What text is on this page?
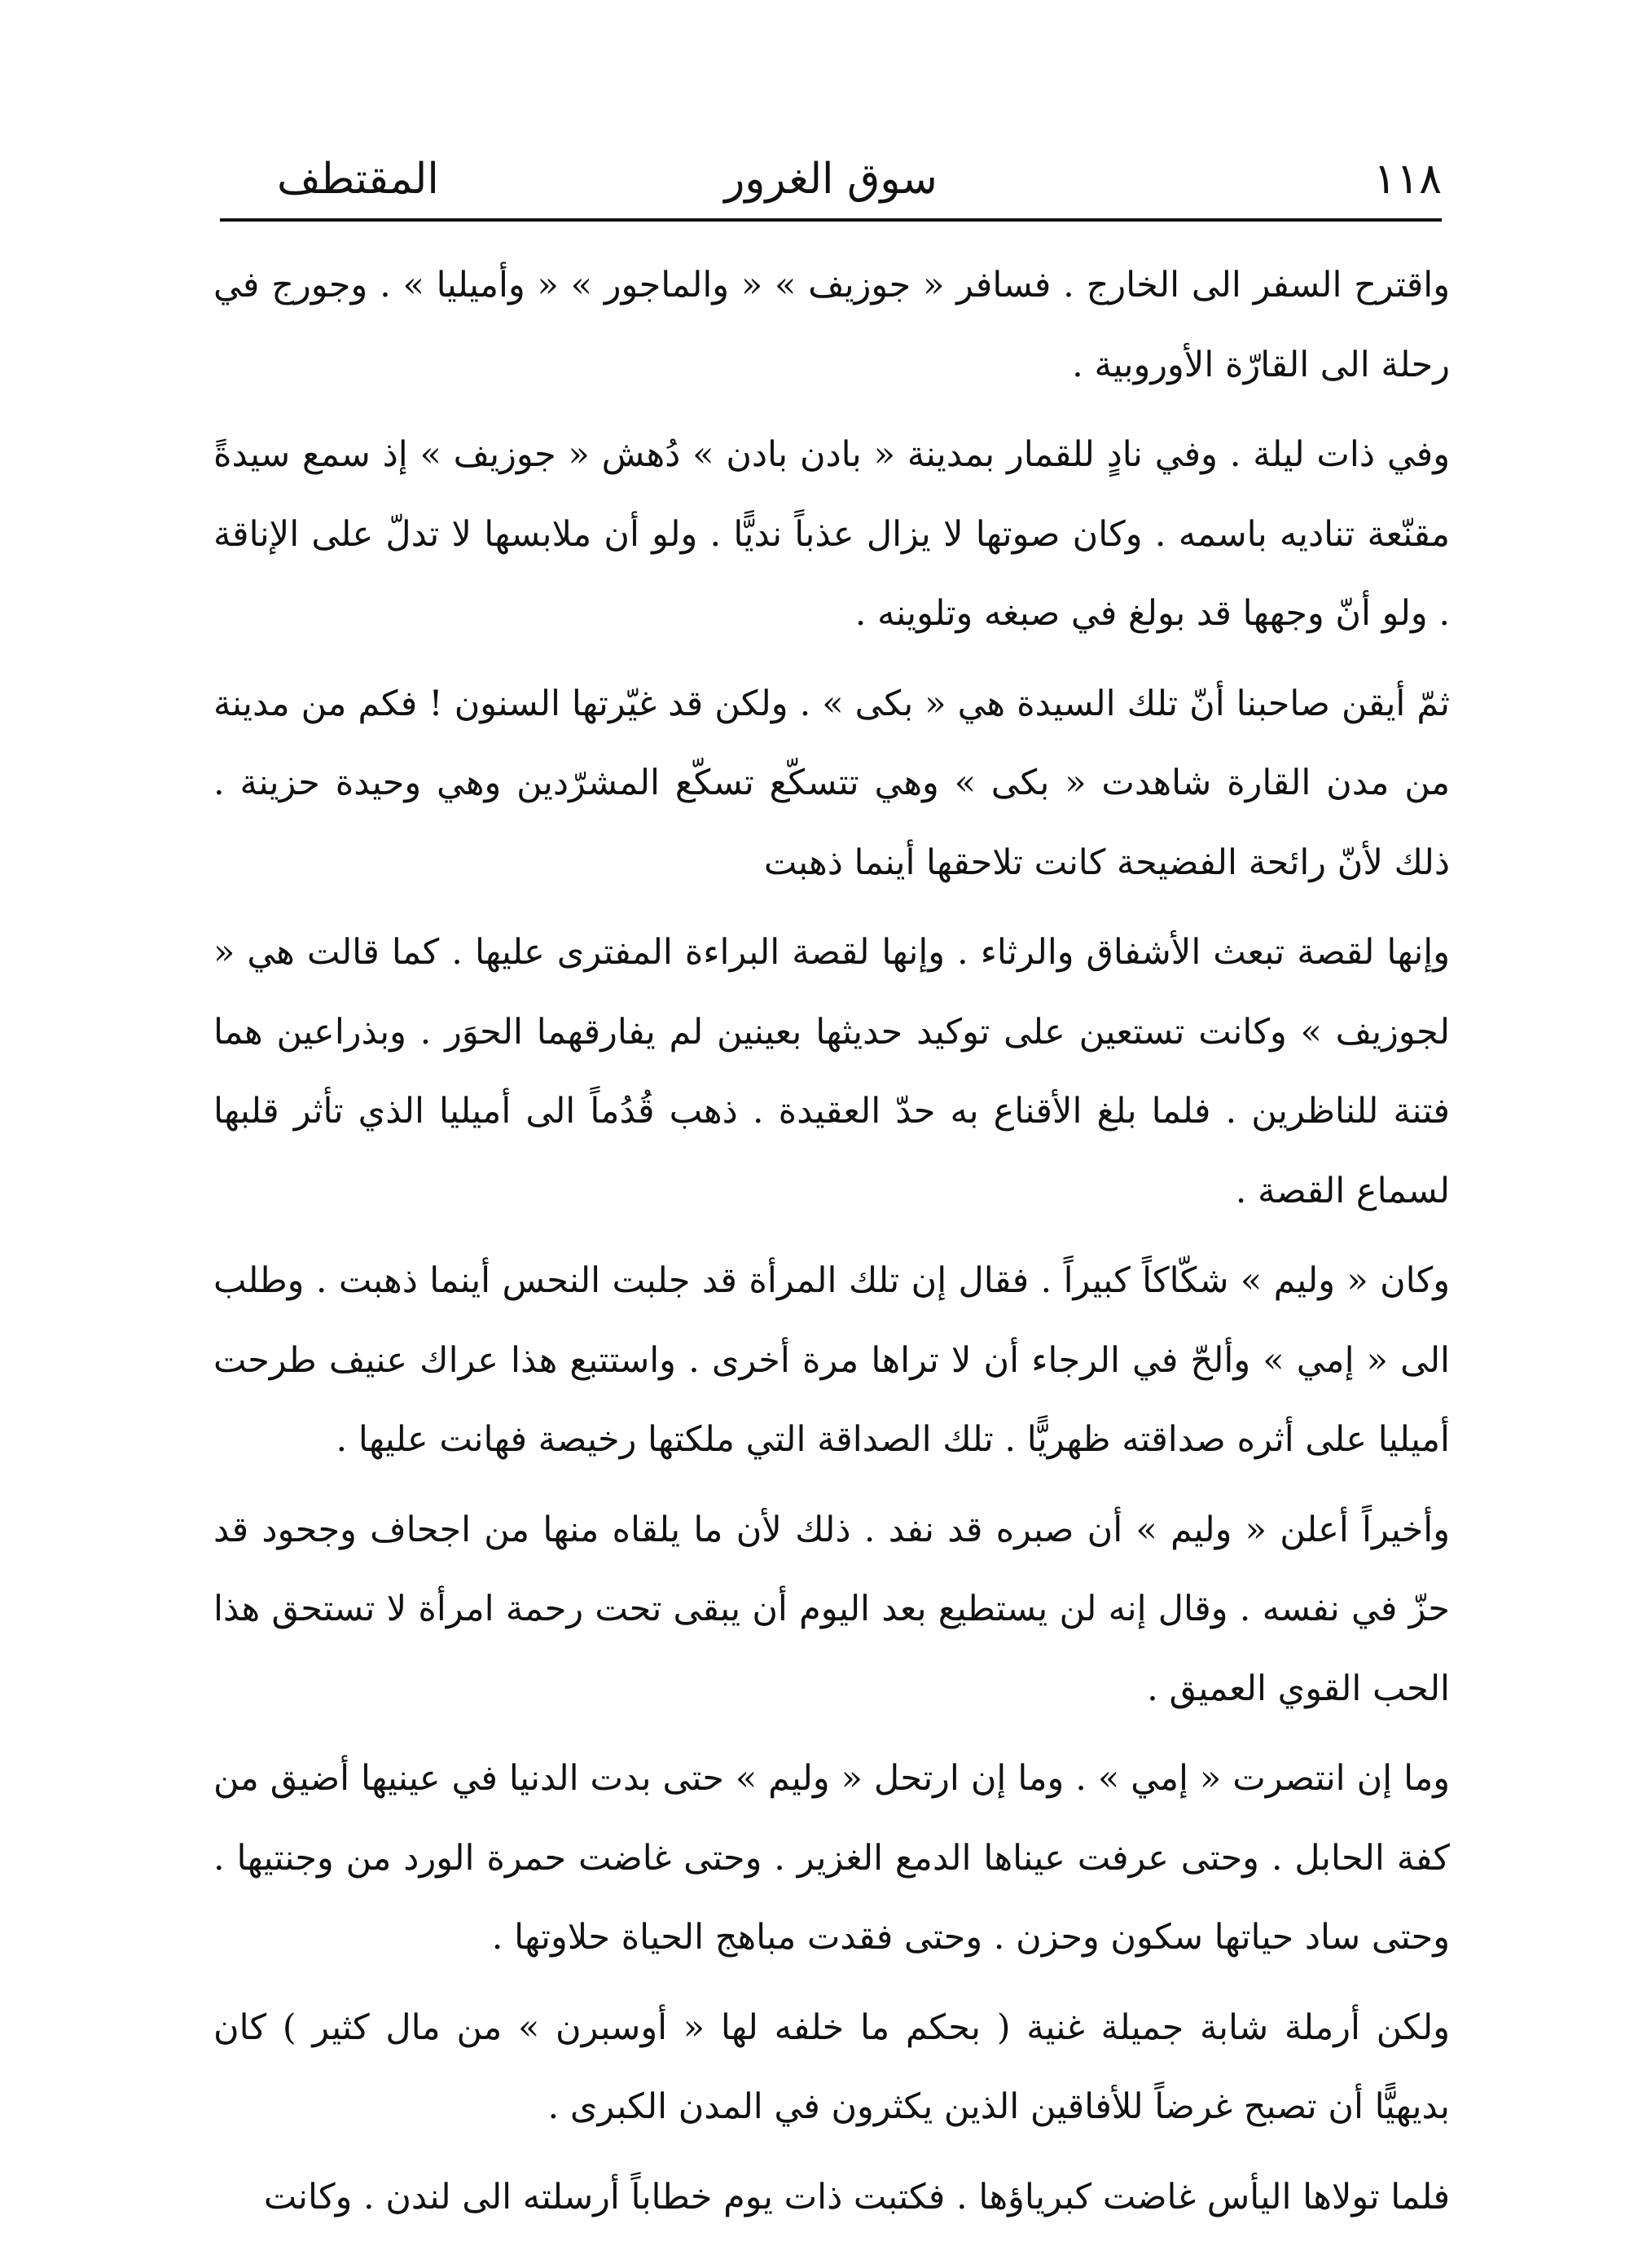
المقتطف	سوق الغرور	١١٨

واقترح السفر الى الخارج . فسافر « جوزيف » « والماجور » « وأميليا » . وجورج في رحلة الى القارّة الأوروبية .

وفي ذات ليلة . وفي نادٍ للقمار بمدينة « بادن بادن » دُهش « جوزيف » إذ سمع سيدةً مقنّعة تناديه باسمه . وكان صوتها لا يزال عذباً نديًّا . ولو أن ملابسها لا تدلّ على الإناقة . ولو أنّ وجهها قد بولغ في صبغه وتلوينه .

ثمّ أيقن صاحبنا أنّ تلك السيدة هي « بكى » . ولكن قد غيّرتها السنون ! فكم من مدينة من مدن القارة شاهدت « بكى » وهي تتسكّع تسكّع المشرّدين وهي وحيدة حزينة . ذلك لأنّ رائحة الفضيحة كانت تلاحقها أينما ذهبت

وإنها لقصة تبعث الأشفاق والرثاء . وإنها لقصة البراءة المفترى عليها . كما قالت هي « لجوزيف » وكانت تستعين على توكيد حديثها بعينين لم يفارقهما الحوَر . وبذراعين هما فتنة للناظرين . فلما بلغ الأقناع به حدّ العقيدة . ذهب قُدُماً الى أميليا الذي تأثر قلبها لسماع القصة .

وكان « وليم » شكّاكاً كبيراً . فقال إن تلك المرأة قد جلبت النحس أينما ذهبت . وطلب الى « إمي » وألحّ في الرجاء أن لا تراها مرة أخرى . واستتبع هذا عراك عنيف طرحت أميليا على أثره صداقته ظهريًّا . تلك الصداقة التي ملكتها رخيصة فهانت عليها .

وأخيراً أعلن « وليم » أن صبره قد نفد . ذلك لأن ما يلقاه منها من اجحاف وجحود قد حزّ في نفسه . وقال إنه لن يستطيع بعد اليوم أن يبقى تحت رحمة امرأة لا تستحق هذا الحب القوي العميق .

وما إن انتصرت « إمي » . وما إن ارتحل « وليم » حتى بدت الدنيا في عينيها أضيق من كفة الحابل . وحتى عرفت عيناها الدمع الغزير . وحتى غاضت حمرة الورد من وجنتيها . وحتى ساد حياتها سكون وحزن . وحتى فقدت مباهج الحياة حلاوتها .

ولكن أرملة شابة جميلة غنية ( بحكم ما خلفه لها « أوسبرن » من مال كثير ) كان بديهيًّا أن تصبح غرضاً للأفاقين الذين يكثرون في المدن الكبرى .

فلما تولاها اليأس غاضت كبرياؤها . فكتبت ذات يوم خطاباً أرسلته الى لندن . وكانت
